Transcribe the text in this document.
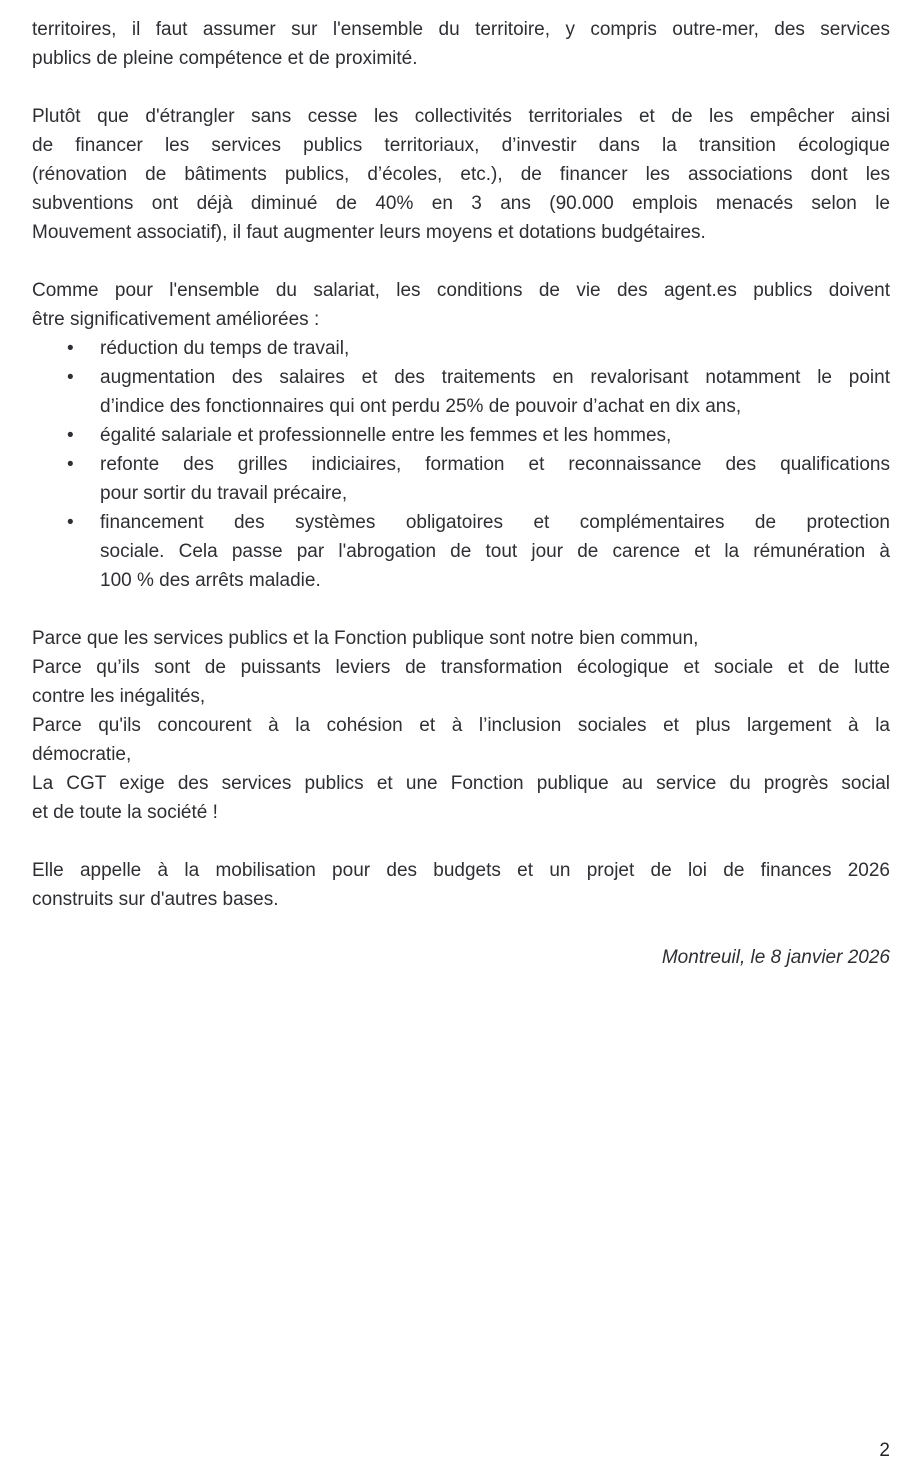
territoires, il faut assumer sur l'ensemble du territoire, y compris outre-mer, des services
publics de pleine compétence et de proximité.
Plutôt que d'étrangler sans cesse les collectivités territoriales et de les empêcher ainsi
de financer les services publics territoriaux, d’investir dans la transition écologique
(rénovation de bâtiments publics, d’écoles, etc.), de financer les associations dont les
subventions ont déjà diminué de 40% en 3 ans (90.000 emplois menacés selon le
Mouvement associatif), il faut augmenter leurs moyens et dotations budgétaires.
Comme pour l'ensemble du salariat, les conditions de vie des agent.es publics doivent
être significativement améliorées :
•	réduction du temps de travail,
•	augmentation des salaires et des traitements en revalorisant notamment le point
d’indice des fonctionnaires qui ont perdu 25% de pouvoir d’achat en dix ans,
•	égalité salariale et professionnelle entre les femmes et les hommes,
•	refonte des grilles indiciaires, formation et reconnaissance des qualifications
pour sortir du travail précaire,
•	financement des systèmes obligatoires et complémentaires de protection
sociale. Cela passe par l'abrogation de tout jour de carence et la rémunération à
100 % des arrêts maladie.
Parce que les services publics et la Fonction publique sont notre bien commun,
Parce qu’ils sont de puissants leviers de transformation écologique et sociale et de lutte
contre les inégalités,
Parce qu'ils concourent à la cohésion et à l’inclusion sociales et plus largement à la
démocratie,
La CGT exige des services publics et une Fonction publique au service du progrès social
et de toute la société !
Elle appelle à la mobilisation pour des budgets et un projet de loi de finances 2026
construits sur d'autres bases.
Montreuil, le 8 janvier 2026
2
